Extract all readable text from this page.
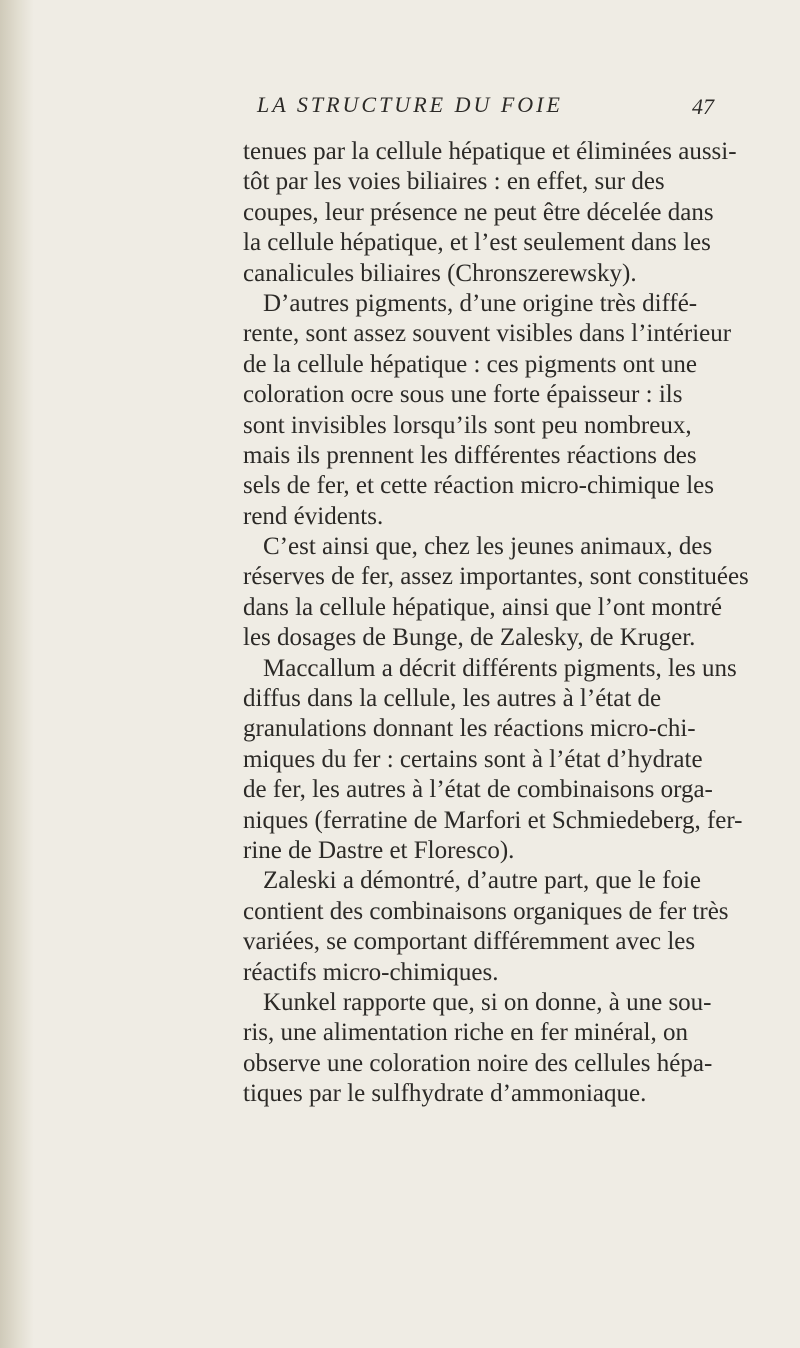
LA STRUCTURE DU FOIE	47
tenues par la cellule hépatique et éliminées aussi-
tôt par les voies biliaires : en effet, sur des
coupes, leur présence ne peut être décelée dans
la cellule hépatique, et l’est seulement dans les
canalicules biliaires (Chronszerewsky).
D’autres pigments, d’une origine très diffé-
rente, sont assez souvent visibles dans l’intérieur
de la cellule hépatique : ces pigments ont une
coloration ocre sous une forte épaisseur : ils
sont invisibles lorsqu’ils sont peu nombreux,
mais ils prennent les différentes réactions des
sels de fer, et cette réaction micro-chimique les
rend évidents.
C’est ainsi que, chez les jeunes animaux, des
réserves de fer, assez importantes, sont constituées
dans la cellule hépatique, ainsi que l’ont montré
les dosages de Bunge, de Zalesky, de Kruger.
Maccallum a décrit différents pigments, les uns
diffus dans la cellule, les autres à l’état de
granulations donnant les réactions micro-chi-
miques du fer : certains sont à l’état d’hydrate
de fer, les autres à l’état de combinaisons orga-
niques (ferratine de Marfori et Schmiedeberg, fer-
rine de Dastre et Floresco).
Zaleski a démontré, d’autre part, que le foie
contient des combinaisons organiques de fer très
variées, se comportant différemment avec les
réactifs micro-chimiques.
Kunkel rapporte que, si on donne, à une sou-
ris, une alimentation riche en fer minéral, on
observe une coloration noire des cellules hépa-
tiques par le sulfhydrate d’ammoniaque.
